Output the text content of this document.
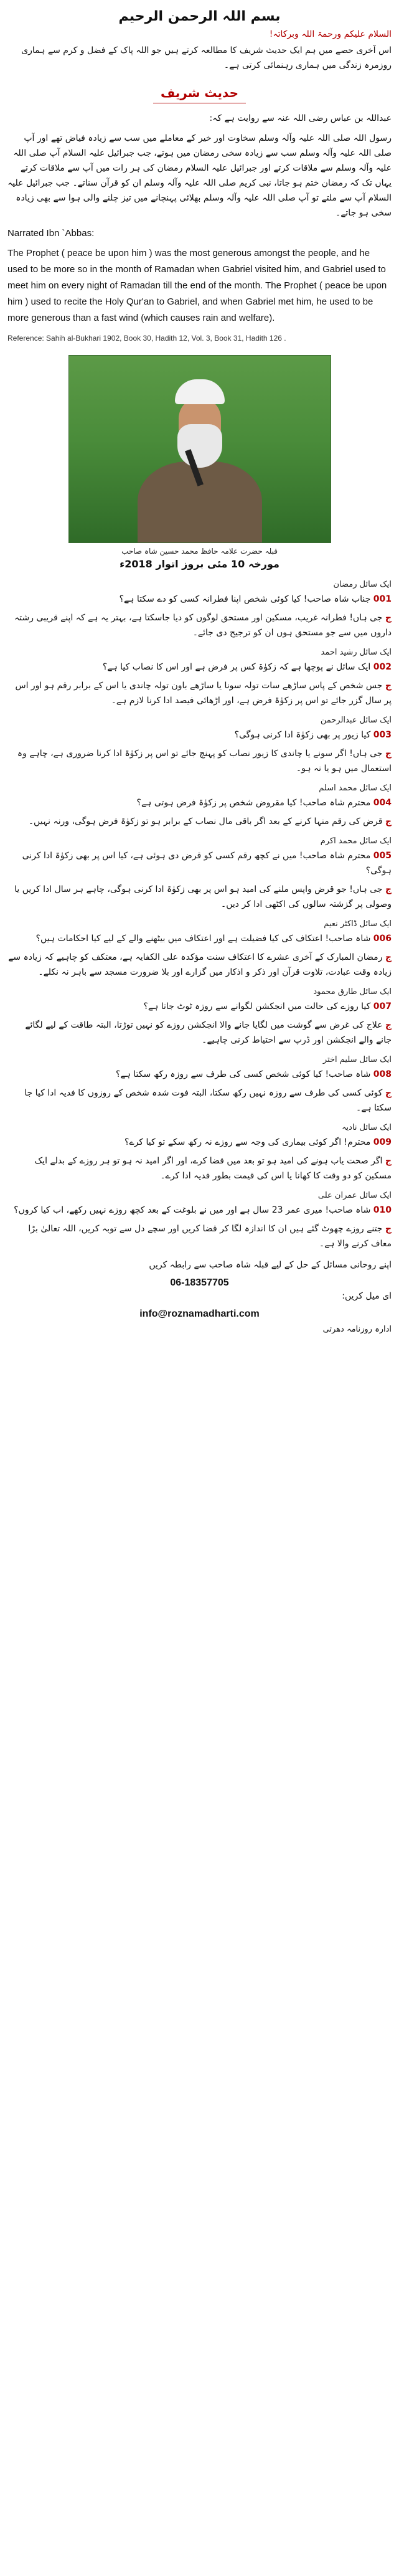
بسم اللہ الرحمن الرحیم
السلام علیکم ورحمۃ اللہ وبرکاتہ!

اس آخری حصے میں ہم ایک حدیث شریف کا مطالعہ کرتے ہیں جو اللہ پاک کے فضل و کرم سے ہماری روزمرہ زندگی میں ہماری رہنمائی کرتی ہے۔

حدیث شریف

عبداللہ بن عباس رضی اللہ عنہ سے روایت ہے کہ:

رسول اللہ صلی اللہ علیہ وآلہ وسلم سخاوت اور خیر کے معاملے میں سب سے زیادہ فیاض تھے اور آپ صلی اللہ علیہ وآلہ وسلم سب سے زیادہ سخی رمضان میں ہوتے، جب جبرائیل علیہ السلام آپ صلی اللہ علیہ وآلہ وسلم سے ملاقات کرتے اور جبرائیل علیہ السلام رمضان کی ہر رات میں آپ سے ملاقات کرتے یہاں تک کہ رمضان ختم ہو جاتا، نبی کریم صلی اللہ علیہ وآلہ وسلم ان کو قرآن سناتے۔ جب جبرائیل علیہ السلام آپ سے ملتے تو آپ صلی اللہ علیہ وآلہ وسلم بھلائی پہنچانے میں تیز چلنے والی ہوا سے بھی زیادہ سخی ہو جاتے۔

Narrated Ibn `Abbas:

The Prophet ( peace be upon him ) was the most generous amongst the people, and he used to be more so in the month of Ramadan when Gabriel visited him, and Gabriel used to meet him on every night of Ramadan till the end of the month. The Prophet ( peace be upon him ) used to recite the Holy Qur'an to Gabriel, and when Gabriel met him, he used to be more generous than a fast wind (which causes rain and welfare).

Reference: Sahih al-Bukhari 1902, Book 30, Hadith 12, Vol. 3, Book 31, Hadith 126 .
قبلہ حضرت علامہ حافظ محمد حسین شاہ صاحب
مورخہ 10 مئی بروز اتوار 2018ء
ایک سائل رمضان

001 جناب شاہ صاحب! کیا کوئی شخص اپنا فطرانہ کسی کو دے سکتا ہے؟

ج جی ہاں! فطرانہ غریب، مسکین اور مستحق لوگوں کو دیا جاسکتا ہے، بہتر یہ ہے کہ اپنے قریبی رشتہ داروں میں سے جو مستحق ہوں ان کو ترجیح دی جائے۔

ایک سائل رشید احمد

002 ایک سائل نے پوچھا ہے کہ زکوٰۃ کس پر فرض ہے اور اس کا نصاب کیا ہے؟

ج جس شخص کے پاس ساڑھے سات تولہ سونا یا ساڑھے باون تولہ چاندی یا اس کے برابر رقم ہو اور اس پر سال گزر جائے تو اس پر زکوٰۃ فرض ہے، اور اڑھائی فیصد ادا کرنا لازم ہے۔

ایک سائل عبدالرحمن

003 کیا زیور پر بھی زکوٰۃ ادا کرنی ہوگی؟

ج جی ہاں! اگر سونے یا چاندی کا زیور نصاب کو پہنچ جائے تو اس پر زکوٰۃ ادا کرنا ضروری ہے، چاہے وہ استعمال میں ہو یا نہ ہو۔

ایک سائل محمد اسلم

004 محترم شاہ صاحب! کیا مقروض شخص پر زکوٰۃ فرض ہوتی ہے؟

ج قرض کی رقم منہا کرنے کے بعد اگر باقی مال نصاب کے برابر ہو تو زکوٰۃ فرض ہوگی، ورنہ نہیں۔

ایک سائل محمد اکرم

005 محترم شاہ صاحب! میں نے کچھ رقم کسی کو قرض دی ہوئی ہے، کیا اس پر بھی زکوٰۃ ادا کرنی ہوگی؟

ج جی ہاں! جو قرض واپس ملنے کی امید ہو اس پر بھی زکوٰۃ ادا کرنی ہوگی، چاہے ہر سال ادا کریں یا وصولی پر گزشتہ سالوں کی اکٹھی ادا کر دیں۔

ایک سائل ڈاکٹر نعیم

006 شاہ صاحب! اعتکاف کی کیا فضیلت ہے اور اعتکاف میں بیٹھنے والے کے لیے کیا احکامات ہیں؟

ج رمضان المبارک کے آخری عشرے کا اعتکاف سنت مؤکدہ علی الکفایہ ہے، معتکف کو چاہیے کہ زیادہ سے زیادہ وقت عبادت، تلاوت قرآن اور ذکر و اذکار میں گزارے اور بلا ضرورت مسجد سے باہر نہ نکلے۔

ایک سائل طارق محمود

007 کیا روزے کی حالت میں انجکشن لگوانے سے روزہ ٹوٹ جاتا ہے؟

ج علاج کی غرض سے گوشت میں لگایا جانے والا انجکشن روزے کو نہیں توڑتا، البتہ طاقت کے لیے لگائے جانے والے انجکشن اور ڈرپ سے احتیاط کرنی چاہیے۔

ایک سائل سلیم اختر

008 شاہ صاحب! کیا کوئی شخص کسی کی طرف سے روزہ رکھ سکتا ہے؟

ج کوئی کسی کی طرف سے روزہ نہیں رکھ سکتا، البتہ فوت شدہ شخص کے روزوں کا فدیہ ادا کیا جا سکتا ہے۔

ایک سائل نادیہ

009 محترم! اگر کوئی بیماری کی وجہ سے روزے نہ رکھ سکے تو کیا کرے؟

ج اگر صحت یاب ہونے کی امید ہو تو بعد میں قضا کرے، اور اگر امید نہ ہو تو ہر روزے کے بدلے ایک مسکین کو دو وقت کا کھانا یا اس کی قیمت بطور فدیہ ادا کرے۔

ایک سائل عمران علی

010 شاہ صاحب! میری عمر 23 سال ہے اور میں نے بلوغت کے بعد کچھ روزے نہیں رکھے، اب کیا کروں؟

ج جتنے روزے چھوٹ گئے ہیں ان کا اندازہ لگا کر قضا کریں اور سچے دل سے توبہ کریں، اللہ تعالیٰ بڑا معاف کرنے والا ہے۔

اپنے روحانی مسائل کے حل کے لیے قبلہ شاہ صاحب سے رابطہ کریں

06-18357705
ای میل کریں:
info@roznamadharti.com
ادارہ روزنامہ دھرتی
